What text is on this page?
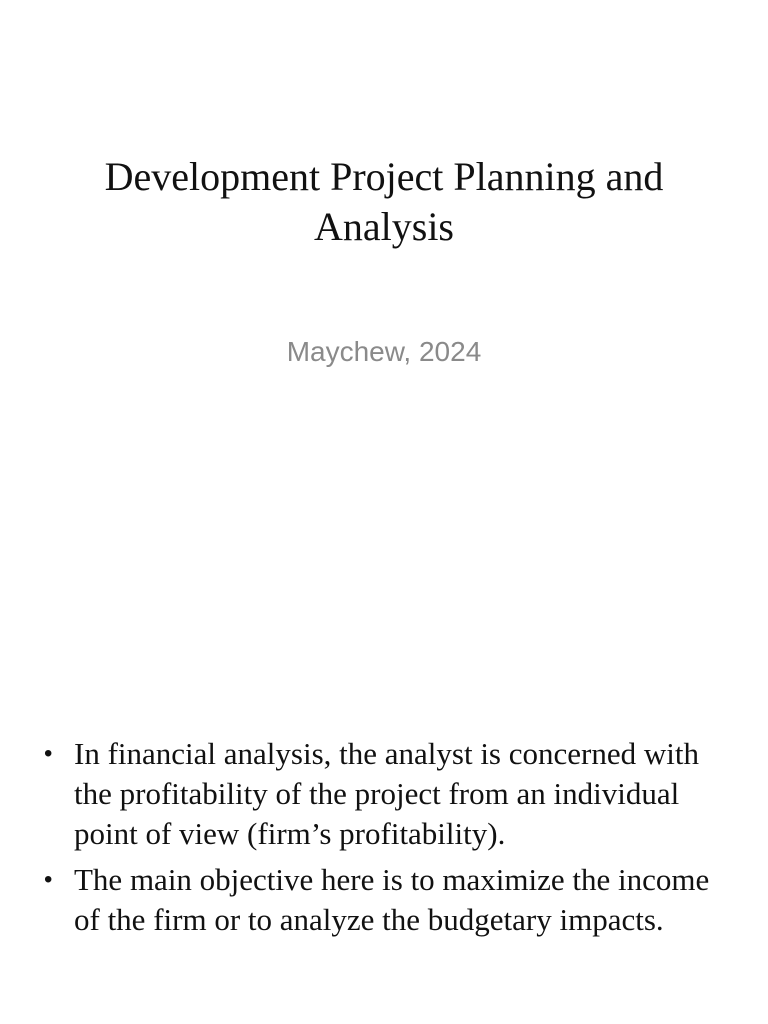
Development Project Planning and Analysis

Maychew, 2024

• In financial analysis, the analyst is concerned with the profitability of the project from an individual point of view (firm’s profitability).
• The main objective here is to maximize the income of the firm or to analyze the budgetary impacts.
